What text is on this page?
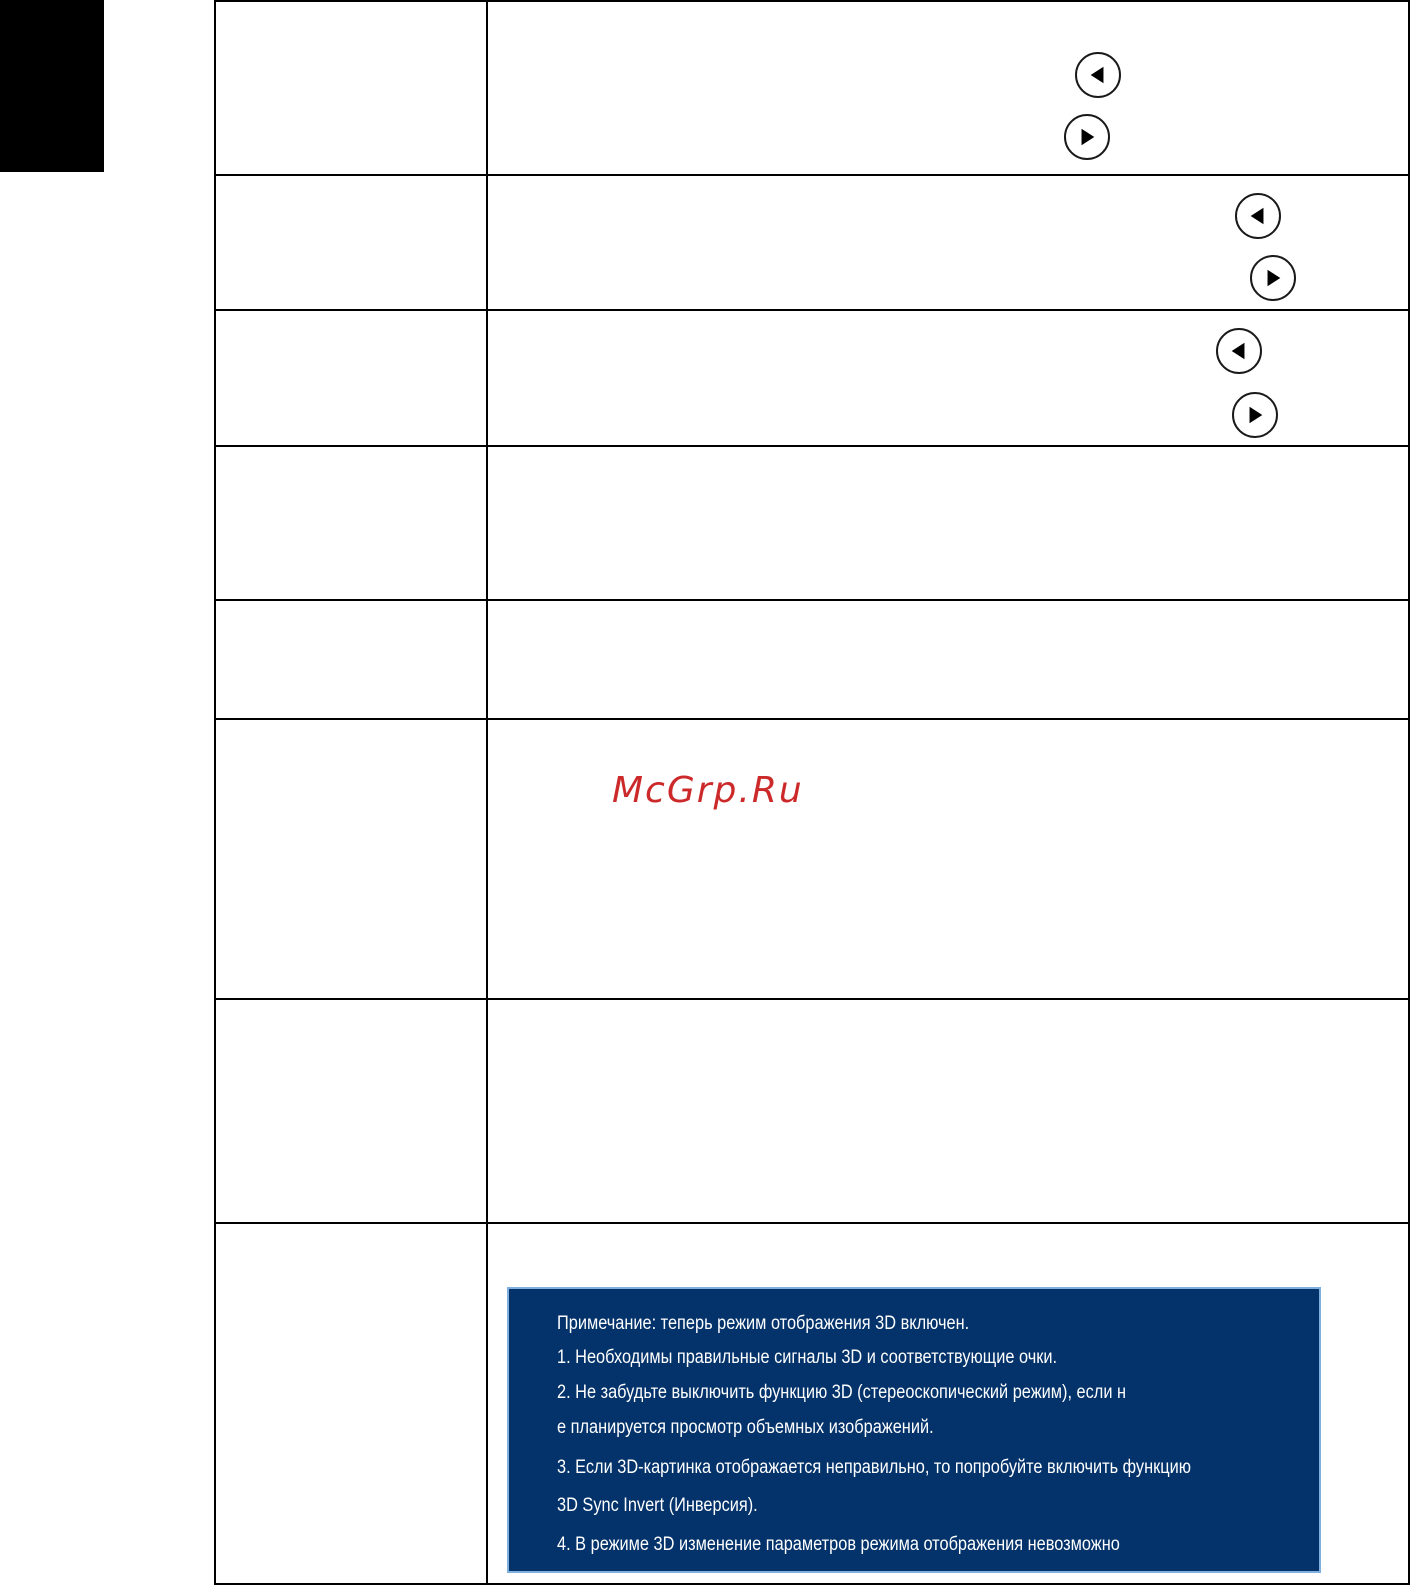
McGrp.Ru
Примечание: теперь режим отображения 3D включен.
1. Необходимы правильные сигналы 3D и соответствующие очки.
2. Не забудьте выключить функцию 3D (стереоскопический режим), если н
е планируется просмотр объемных изображений.
3. Если 3D-картинка отображается неправильно, то попробуйте включить функцию
3D Sync Invert (Инверсия).
4. В режиме 3D изменение параметров режима отображения невозможно
